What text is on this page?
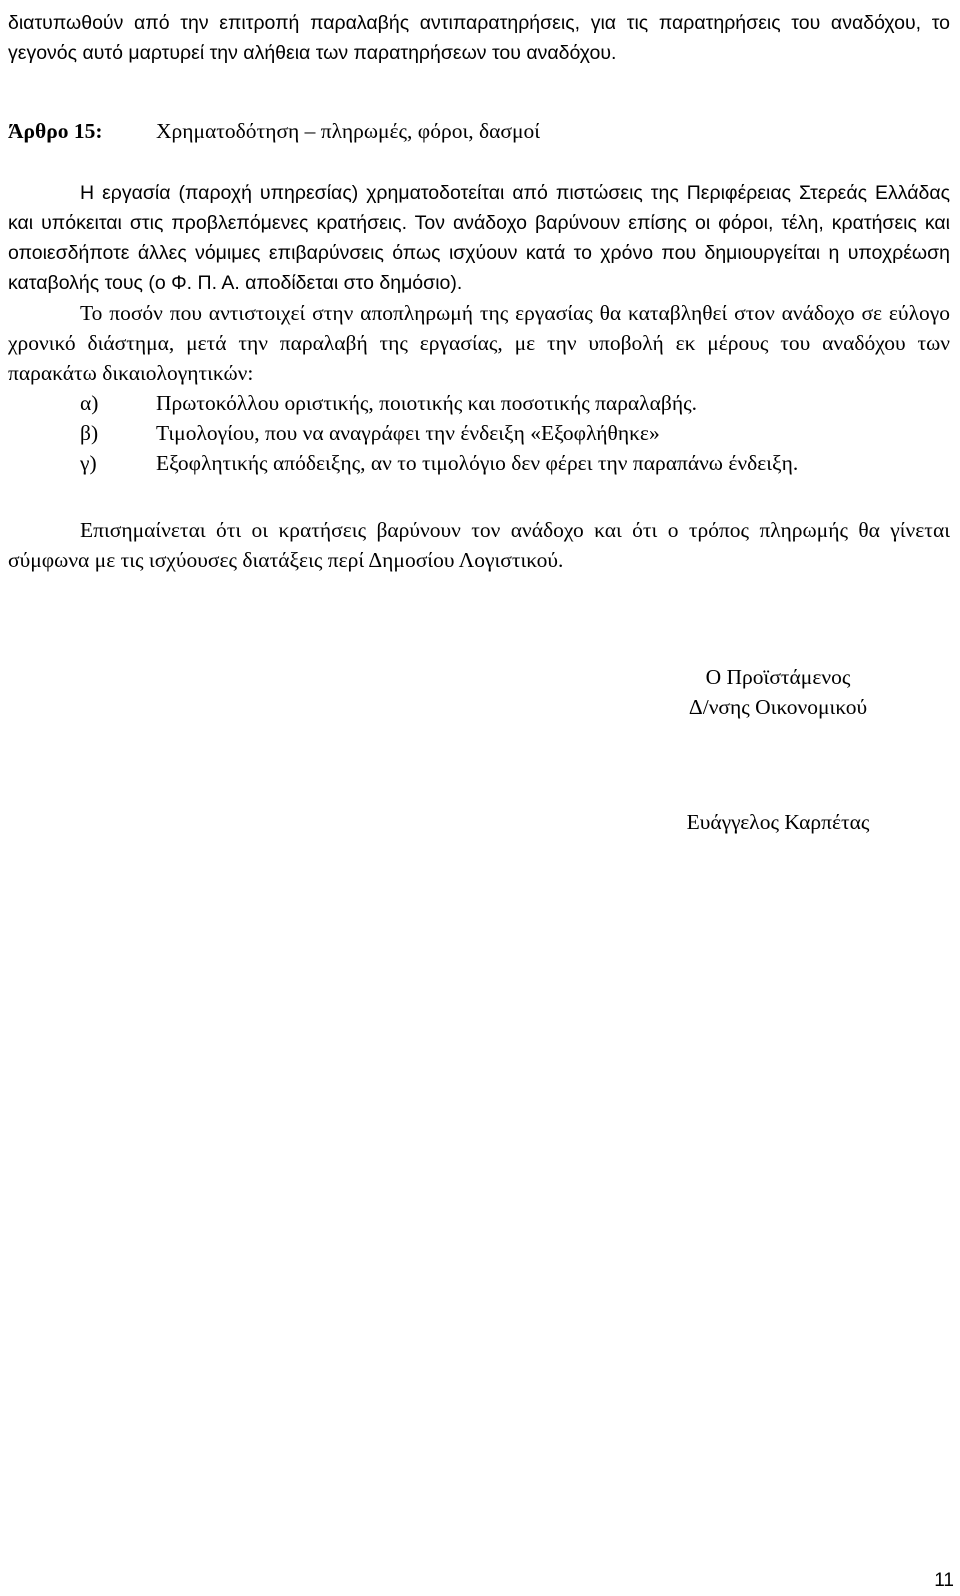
διατυπωθούν από την επιτροπή παραλαβής αντιπαρατηρήσεις, για τις παρατηρήσεις του αναδόχου, το γεγονός αυτό μαρτυρεί την αλήθεια των παρατηρήσεων του αναδόχου.

Άρθρο 15: Χρηματοδότηση – πληρωμές, φόροι, δασμοί

Η εργασία (παροχή υπηρεσίας) χρηματοδοτείται από πιστώσεις της Περιφέρειας Στερεάς Ελλάδας και υπόκειται στις προβλεπόμενες κρατήσεις. Τον ανάδοχο βαρύνουν επίσης οι φόροι, τέλη, κρατήσεις και οποιεσδήποτε άλλες νόμιμες επιβαρύνσεις όπως ισχύουν κατά το χρόνο που δημιουργείται η υποχρέωση καταβολής τους (ο Φ. Π. Α. αποδίδεται στο δημόσιο).

Το ποσόν που αντιστοιχεί στην αποπληρωμή της εργασίας θα καταβληθεί στον ανάδοχο σε εύλογο χρονικό διάστημα, μετά την παραλαβή της εργασίας, με την υποβολή εκ μέρους του αναδόχου των παρακάτω δικαιολογητικών:

α)	Πρωτοκόλλου οριστικής, ποιοτικής και ποσοτικής παραλαβής.
β)	Τιμολογίου, που να αναγράφει την ένδειξη «Εξοφλήθηκε»
γ)	Εξοφλητικής απόδειξης, αν το τιμολόγιο δεν φέρει την παραπάνω ένδειξη.

Επισημαίνεται ότι οι κρατήσεις βαρύνουν τον ανάδοχο και ότι ο τρόπος πληρωμής θα γίνεται σύμφωνα με τις ισχύουσες διατάξεις περί Δημοσίου Λογιστικού.

Ο Προϊστάμενος
Δ/νσης Οικονομικού
Ευάγγελος Καρπέτας
11
